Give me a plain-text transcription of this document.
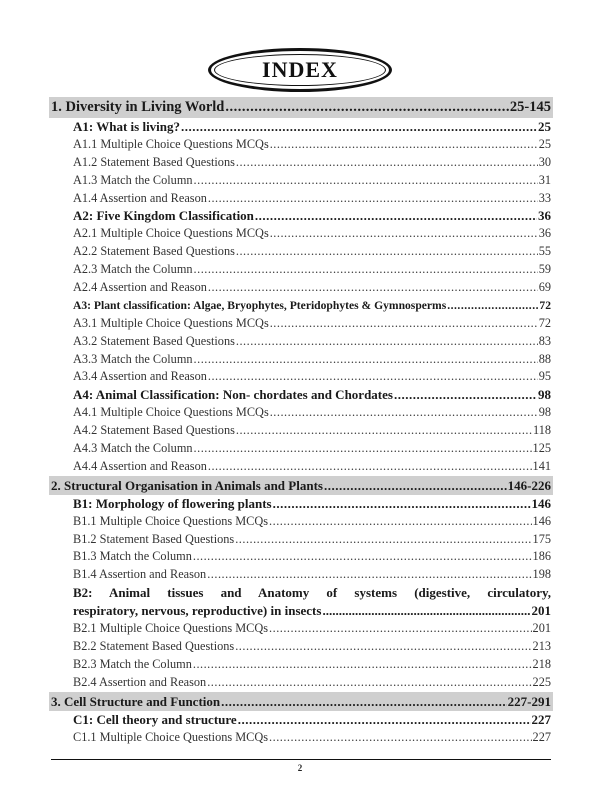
INDEX
1. Diversity in Living World .....	25-145
A1: What is living? .....	25
A1.1 Multiple Choice Questions MCQs .....	25
A1.2 Statement Based Questions .....	30
A1.3 Match the Column .....	31
A1.4 Assertion and Reason .....	33
A2: Five Kingdom Classification .....	36
A2.1 Multiple Choice Questions MCQs .....	36
A2.2 Statement Based Questions .....	55
A2.3 Match the Column .....	59
A2.4 Assertion and Reason .....	69
A3: Plant classification: Algae, Bryophytes, Pteridophytes & Gymnosperms .....	72
A3.1 Multiple Choice Questions MCQs .....	72
A3.2 Statement Based Questions .....	83
A3.3 Match the Column .....	88
A3.4 Assertion and Reason .....	95
A4: Animal Classification: Non- chordates and Chordates .....	98
A4.1 Multiple Choice Questions MCQs .....	98
A4.2 Statement Based Questions .....	118
A4.3 Match the Column .....	125
A4.4 Assertion and Reason .....	141
2. Structural Organisation in Animals and Plants .....	146-226
B1: Morphology of flowering plants .....	146
B1.1 Multiple Choice Questions MCQs .....	146
B1.2 Statement Based Questions .....	175
B1.3 Match the Column .....	186
B1.4 Assertion and Reason .....	198
B2: Animal tissues and Anatomy of systems (digestive, circulatory,
respiratory, nervous, reproductive) in insects .....	201
B2.1 Multiple Choice Questions MCQs .....	201
B2.2 Statement Based Questions .....	213
B2.3 Match the Column .....	218
B2.4 Assertion and Reason .....	225
3. Cell Structure and Function .....	227-291
C1: Cell theory and structure .....	227
C1.1 Multiple Choice Questions MCQs .....	227
2
